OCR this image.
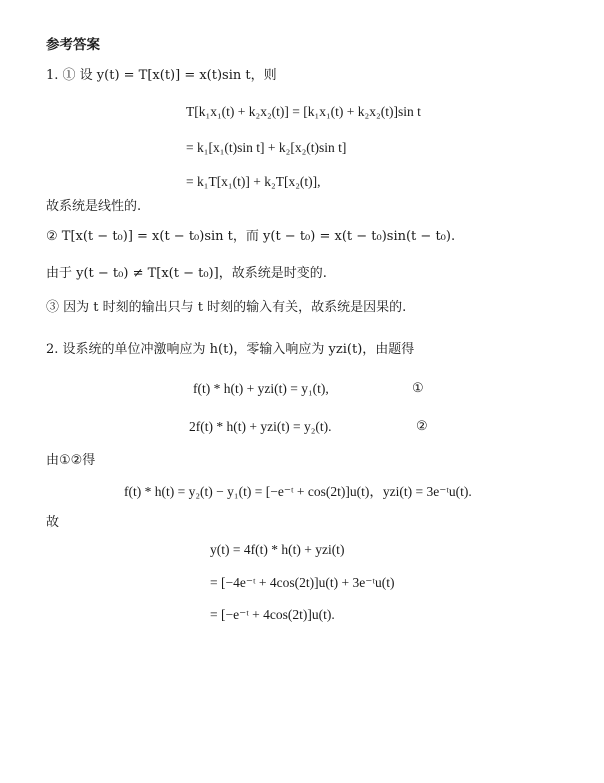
参考答案
1. ① 设 y(t) = T[x(t)] = x(t)sin t，则
T[k₁x₁(t) + k₂x₂(t)] = [k₁x₁(t) + k₂x₂(t)]sin t
= k₁[x₁(t)sin t] + k₂[x₂(t)sin t]
= k₁T[x₁(t)] + k₂T[x₂(t)],
故系统是线性的.
② T[x(t − t₀)] = x(t − t₀)sin t，而 y(t − t₀) = x(t − t₀)sin(t − t₀).
由于 y(t − t₀) ≠ T[x(t − t₀)]，故系统是时变的.
③ 因为 t 时刻的输出只与 t 时刻的输入有关，故系统是因果的.
2. 设系统的单位冲激响应为 h(t)，零输入响应为 yzi(t)，由题得
f(t) * h(t) + yzi(t) = y₁(t),	①
2f(t) * h(t) + yzi(t) = y₂(t).	②
由①②得
f(t) * h(t) = y₂(t) − y₁(t) = [−e⁻ᵗ + cos(2t)]u(t)，yzi(t) = 3e⁻ᵗu(t).
故
y(t) = 4f(t) * h(t) + yzi(t)
= [−4e⁻ᵗ + 4cos(2t)]u(t) + 3e⁻ᵗu(t)
= [−e⁻ᵗ + 4cos(2t)]u(t).
